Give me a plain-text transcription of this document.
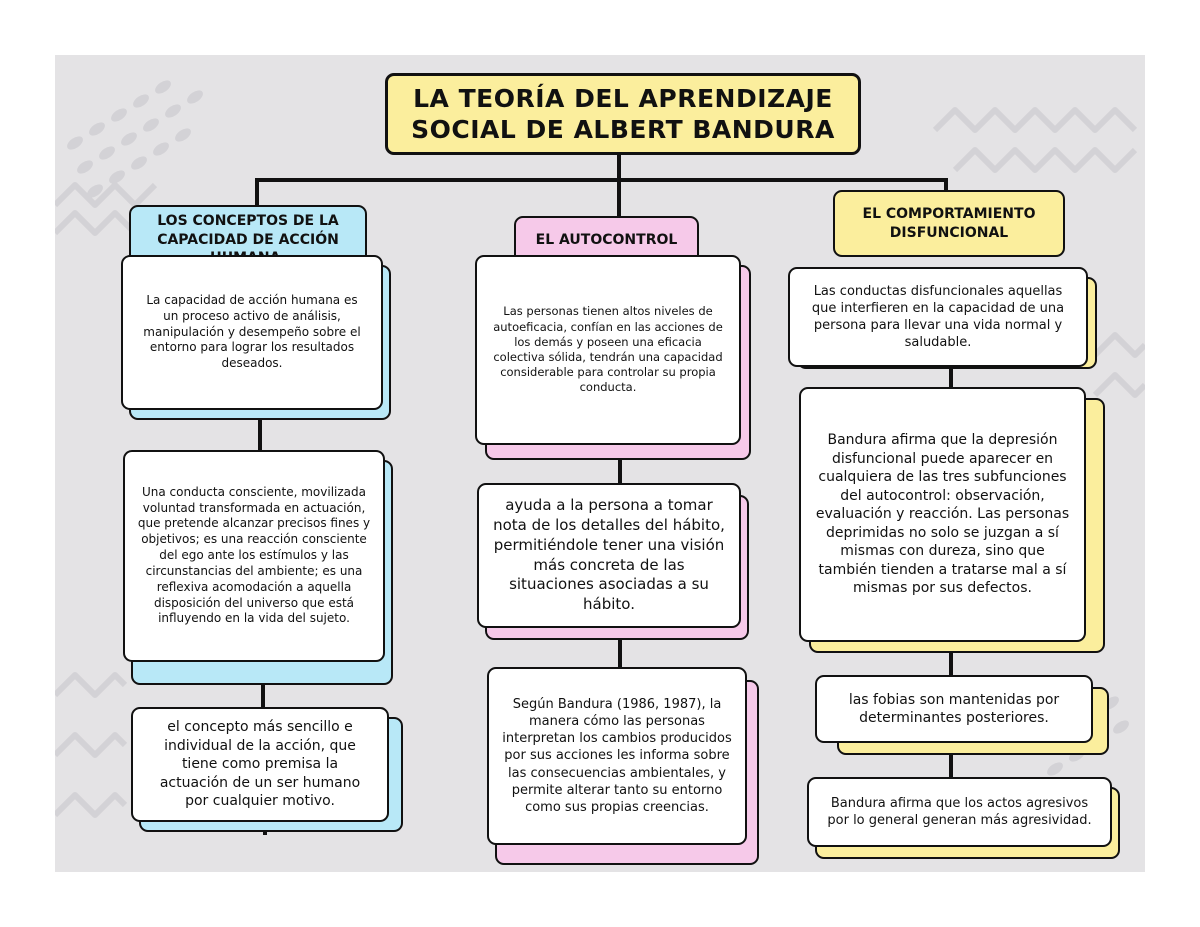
LA TEORÍA DEL APRENDIZAJE SOCIAL DE ALBERT BANDURA
LOS CONCEPTOS DE LA CAPACIDAD DE ACCIÓN
La capacidad de acción humana es un proceso activo de análisis, manipulación y desempeño sobre el entorno para lograr los resultados deseados.
Una conducta consciente, movilizada voluntad transformada en actuación, que pretende alcanzar precisos fines y objetivos; es una reacción consciente del ego ante los estímulos y las circunstancias del ambiente; es una reflexiva acomodación a aquella disposición del universo que está influyendo en la vida del sujeto.
el concepto más sencillo e individual de la acción, que tiene como premisa la actuación de un ser humano por cualquier motivo.
EL AUTOCONTROL
Las personas tienen altos niveles de autoeficacia, confían en las acciones de los demás y poseen una eficacia colectiva sólida, tendrán una capacidad considerable para controlar su propia conducta.
ayuda a la persona a tomar nota de los detalles del hábito, permitiéndole tener una visión más concreta de las situaciones asociadas a su hábito.
Según Bandura (1986, 1987), la manera cómo las personas interpretan los cambios producidos por sus acciones les informa sobre las consecuencias ambientales, y permite alterar tanto su entorno como sus propias creencias.
EL COMPORTAMIENTO DISFUNCIONAL
Las conductas disfuncionales aquellas que interfieren en la capacidad de una persona para llevar una vida normal y saludable.
Bandura afirma que la depresión disfuncional puede aparecer en cualquiera de las tres subfunciones del autocontrol: observación, evaluación y reacción. Las personas deprimidas no solo se juzgan a sí mismas con dureza, sino que también tienden a tratarse mal a sí mismas por sus defectos.
las fobias son mantenidas por determinantes posteriores.
Bandura afirma que los actos agresivos por lo general generan más agresividad.
